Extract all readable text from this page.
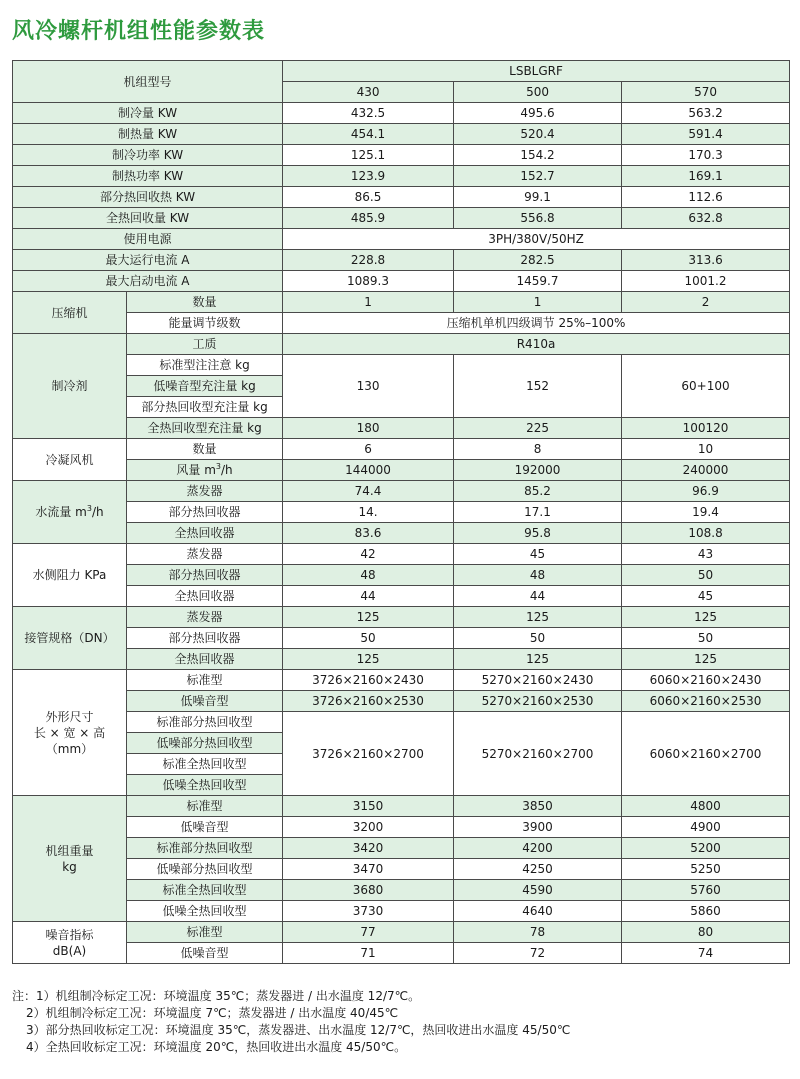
风冷螺杆机组性能参数表
机组型号		LSBLGRF		
		430	500	570
制冷量 KW		432.5	495.6	563.2
制热量 KW		454.1	520.4	591.4
制冷功率 KW		125.1	154.2	170.3
制热功率 KW		123.9	152.7	169.1
部分热回收热 KW		86.5	99.1	112.6
全热回收量 KW		485.9	556.8	632.8
使用电源		3PH/380V/50HZ		
最大运行电流 A		228.8	282.5	313.6
最大启动电流 A		1089.3	1459.7	1001.2
压缩机	数量	1	1	2
	能量调节级数	压缩机单机四级调节 25%–100%		
制冷剂	工质	R410a		
	标准型注注意 kg	130	152	60+100
	低噪音型充注量 kg			
	部分热回收型充注量 kg			
	全热回收型充注量 kg	180	225	100120
冷凝风机	数量	6	8	10
	风量 $m^3/h$	144000	192000	240000
水流量 $m^3/h$	蒸发器	74.4	85.2	96.9
	部分热回收器	14.	17.1	19.4
	全热回收器	83.6	95.8	108.8
水侧阻力 KPa	蒸发器	42	45	43
	部分热回收器	48	48	50
	全热回收器	44	44	45
接管规格（DN）	蒸发器	125	125	125
	部分热回收器	50	50	50
	全热回收器	125	125	125

外形尺寸
长 × 宽 × 高
（mm）	标准型	3726×2160×2430	5270×2160×2430	6060×2160×2430
	低噪音型	3726×2160×2530	5270×2160×2530	6060×2160×2530
	标准部分热回收型	3726×2160×2700	5270×2160×2700	6060×2160×2700
	低噪部分热回收型			
	标准全热回收型			
	低噪全热回收型			

机组重量
kg	标准型	3150	3850	4800
	低噪音型	3200	3900	4900
	标准部分热回收型	3420	4200	5200
	低噪部分热回收型	3470	4250	5250
	标准全热回收型	3680	4590	5760
	低噪全热回收型	3730	4640	5860

噪音指标
dB(A)	标准型	77	78	80
	低噪音型	71	72	74
注：1）机组制冷标定工况：环境温度 35℃；蒸发器进 / 出水温度 12/7℃。
2）机组制冷标定工况：环境温度 7℃；蒸发器进 / 出水温度 40/45℃
3）部分热回收标定工况：环境温度 35℃，蒸发器进、出水温度 12/7℃，热回收进出水温度 45/50℃
4）全热回收标定工况：环境温度 20℃，热回收进出水温度 45/50℃。
